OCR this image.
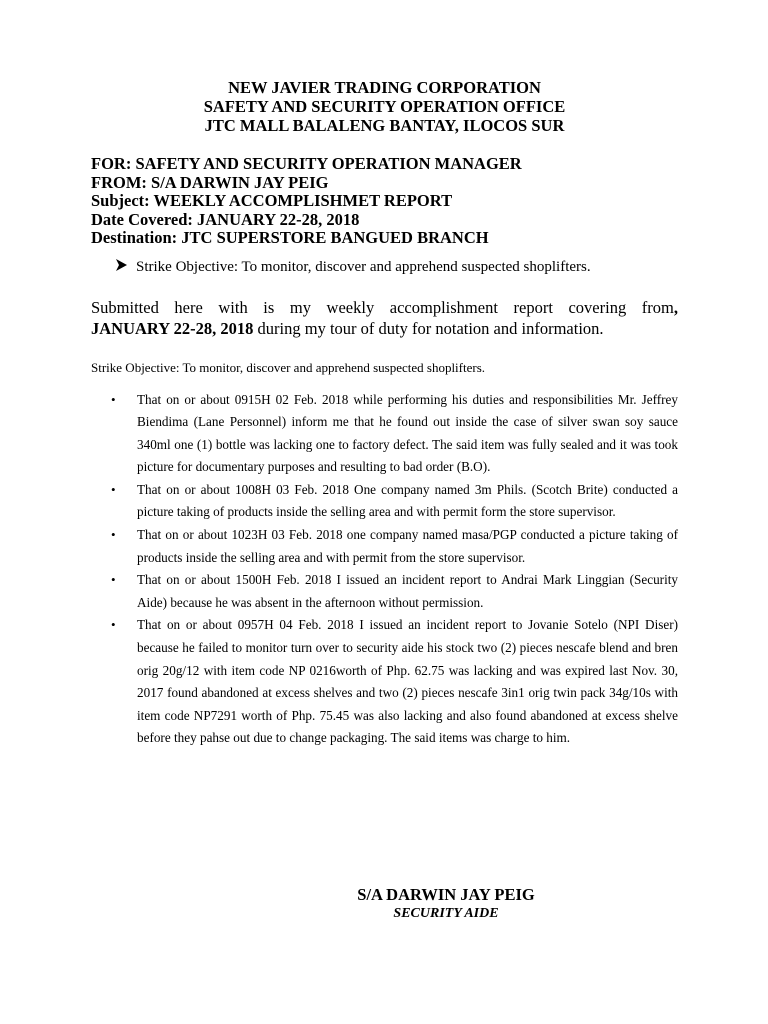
NEW JAVIER TRADING CORPORATION
SAFETY AND SECURITY OPERATION OFFICE
JTC MALL BALALENG BANTAY, ILOCOS SUR
FOR: SAFETY AND SECURITY OPERATION MANAGER
FROM: S/A DARWIN JAY PEIG
Subject: WEEKLY ACCOMPLISHMET REPORT
Date Covered: JANUARY 22-28, 2018
Destination: JTC SUPERSTORE BANGUED BRANCH
Strike Objective: To monitor, discover and apprehend suspected shoplifters.
Submitted here with is my weekly accomplishment report covering from,
JANUARY 22-28, 2018 during my tour of duty for notation and information.
Strike Objective: To monitor, discover and apprehend suspected shoplifters.
• That on or about 0915H 02 Feb. 2018 while performing his duties and responsibilities Mr. Jeffrey Biendima (Lane Personnel) inform me that he found out inside the case of silver swan soy sauce 340ml one (1) bottle was lacking one to factory defect. The said item was fully sealed and it was took picture for documentary purposes and resulting to bad order (B.O).
• That on or about 1008H 03 Feb. 2018 One company named 3m Phils. (Scotch Brite) conducted a picture taking of products inside the selling area and with permit form the store supervisor.
• That on or about 1023H 03 Feb. 2018 one company named masa/PGP conducted a picture taking of products inside the selling area and with permit from the store supervisor.
• That on or about 1500H Feb. 2018 I issued an incident report to Andrai Mark Linggian (Security Aide) because he was absent in the afternoon without permission.
• That on or about 0957H 04 Feb. 2018 I issued an incident report to Jovanie Sotelo (NPI Diser) because he failed to monitor turn over to security aide his stock two (2) pieces nescafe blend and bren orig 20g/12 with item code NP 0216worth of Php. 62.75 was lacking and was expired last Nov. 30, 2017 found abandoned at excess shelves and two (2) pieces nescafe 3in1 orig twin pack 34g/10s with item code NP7291 worth of Php. 75.45 was also lacking and also found abandoned at excess shelve before they pahse out due to change packaging. The said items was charge to him.
S/A DARWIN JAY PEIG
SECURITY AIDE
